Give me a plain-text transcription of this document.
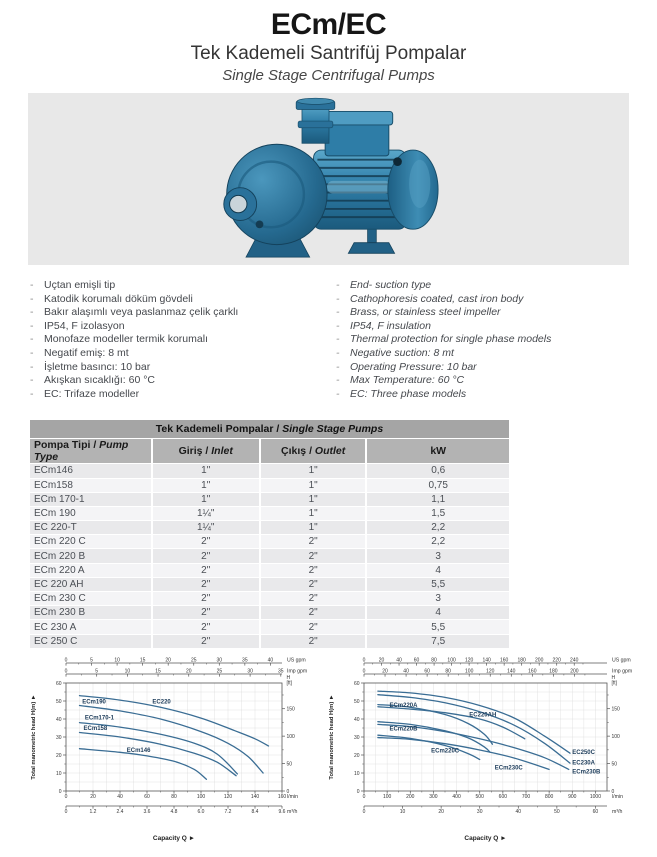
ECm/EC
Tek Kademeli Santrifüj Pompalar
Single Stage Centrifugal Pumps
-	Uçtan emişli tip
-	Katodik korumalı döküm gövdeli
-	Bakır alaşımlı veya paslanmaz çelik çarklı
-	IP54, F izolasyon
-	Monofaze modeller termik korumalı
-	Negatif emiş: 8 mt
-	İşletme basıncı: 10 bar
-	Akışkan sıcaklığı: 60 °C
-	EC: Trifaze modeller
-	End- suction type
-	Cathophoresis coated, cast iron body
-	Brass, or stainless steel impeller
-	IP54, F insulation
-	Thermal protection for single phase models
-	Negative suction: 8 mt
-	Operating Pressure: 10 bar
-	Max Temperature: 60 °C
-	EC: Three phase models
Tek Kademeli Pompalar / Single Stage Pumps			
Pompa Tipi / Pump Type	Giriş / Inlet	Çıkış / Outlet	kW
ECm146	1"	1"	0,6
ECm158	1"	1"	0,75
ECm 170-1	1"	1"	1,1
ECm 190	1¼"	1"	1,5
EC 220-T	1¼"	1"	2,2
ECm 220 C	2"	2"	2,2
ECm 220 B	2"	2"	3
ECm 220 A	2"	2"	4
EC 220 AH	2"	2"	5,5
ECm 230 C	2"	2"	3
ECm 230 B	2"	2"	4
EC 230 A	2"	2"	5,5
EC 250 C	2"	2"	7,5
0	5	10	15	20	25	30	35	40	US gpm
0	5	10	15	20	25	30	35 Imp gpm
0	20	40	60	80	100	120	140	160 l/min
0	1.2	2.4	3.6	4.8	6.0	7.2	8.4	9.6 m³/h
0
10
20
30
40
50
60
0
50
100
150
H
[ft]
EC220
ECm190
ECm170-1
ECm158
ECm146
Capacity Q ►
Total manometric head H(m) ►
0	20 40 60 80 100 120 140 160 180 200 220 240	US gpm
0	20	40	60	80	100	120	140	160	180	200	Imp gpm
0	100	200	300	400	500	600	700	800	900	1000 l/min
0	10	20	30	40	50	60	m³/h
0
10
20
30
40
50
60
0
50
100
150
H
[ft]
EC250C
EC230A
ECm220A
EC220AH
ECm220B
ECm230B
ECm220C
ECm230C
Capacity Q ►
Total manometric head H(m) ►
